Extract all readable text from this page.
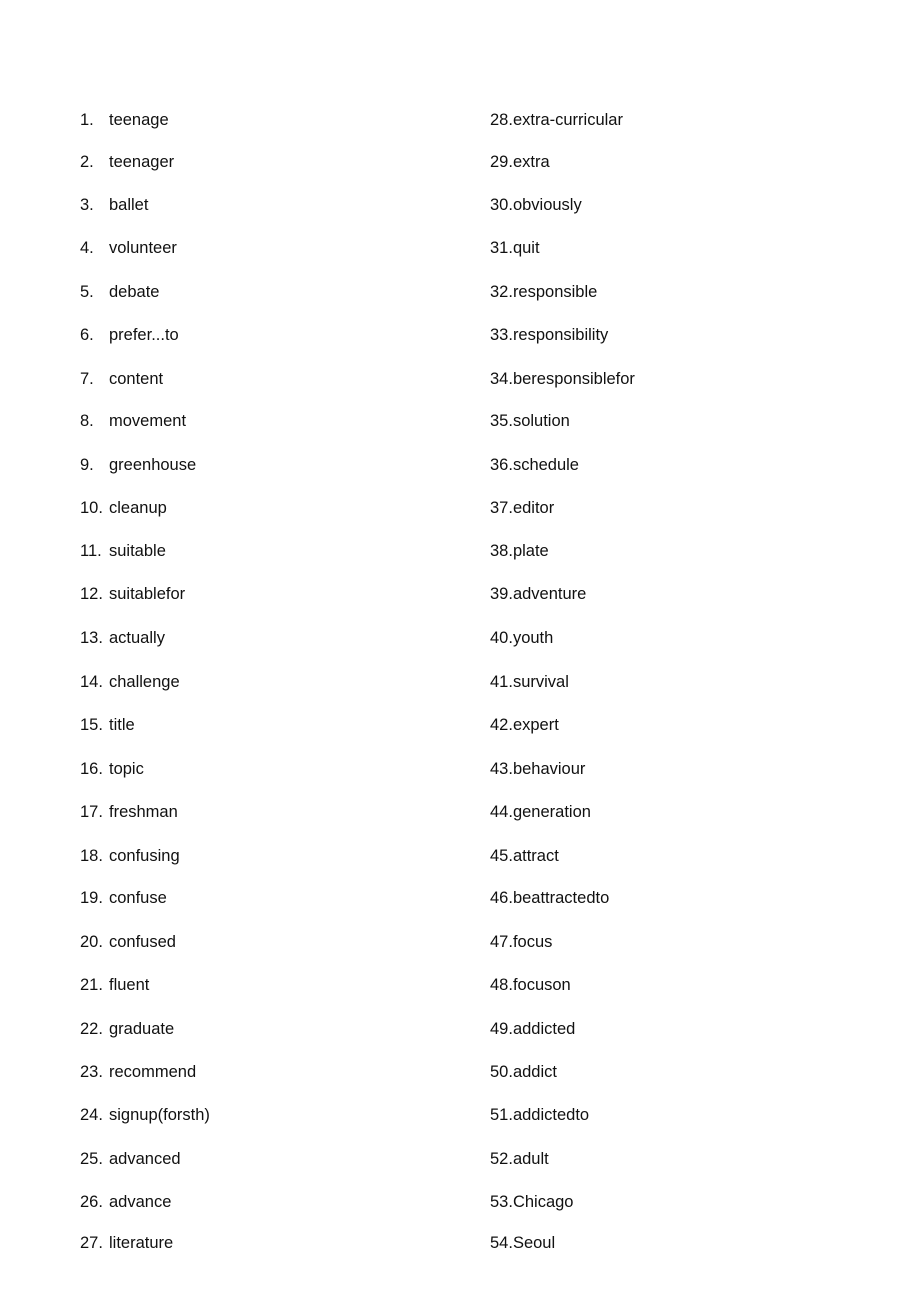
1. teenage
2. teenager
3. ballet
4. volunteer
5. debate
6. prefer...to
7. content
8. movement
9. greenhouse
10. cleanup
11. suitable
12. suitablefor
13. actually
14. challenge
15. title
16. topic
17. freshman
18. confusing
19. confuse
20. confused
21. fluent
22. graduate
23. recommend
24. signup(forsth)
25. advanced
26. advance
27. literature
28.extra-curricular
29.extra
30.obviously
31.quit
32.responsible
33.responsibility
34.beresponsiblefor
35.solution
36.schedule
37.editor
38.plate
39.adventure
40.youth
41.survival
42.expert
43.behaviour
44.generation
45.attract
46.beattractedto
47.focus
48.focuson
49.addicted
50.addict
51.addictedto
52.adult
53.Chicago
54.Seoul
